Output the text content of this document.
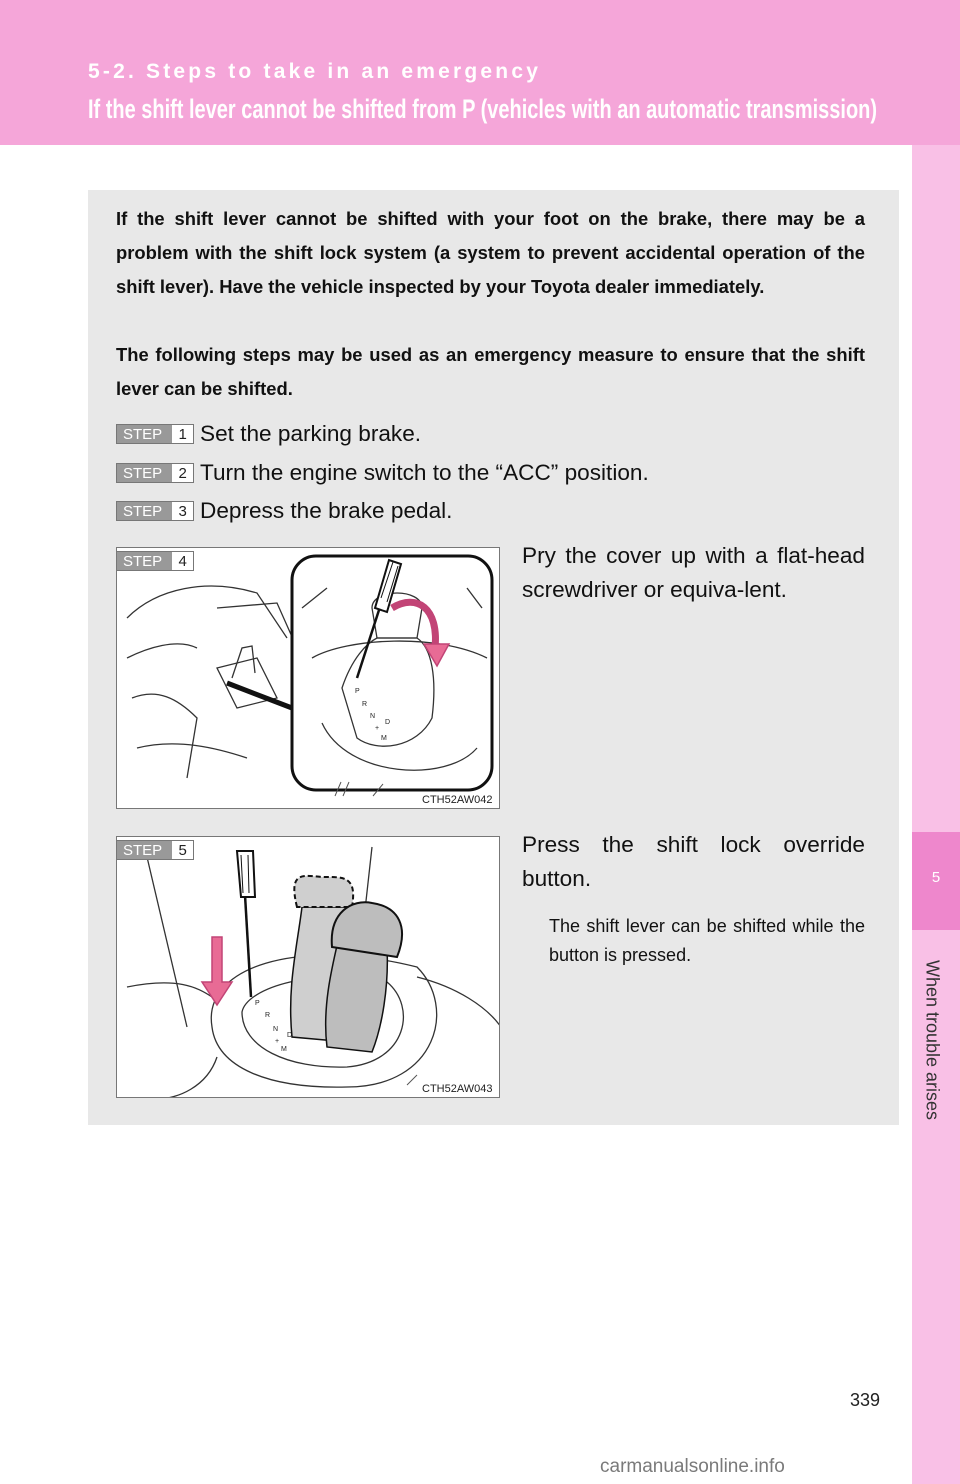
5-2. Steps to take in an emergency
If the shift lever cannot be shifted from P (vehicles with an automatic transmission)
5
When trouble arises
If the shift lever cannot be shifted with your foot on the brake, there may be a problem with the shift lock system (a system to prevent accidental operation of the shift lever). Have the vehicle inspected by your Toyota dealer immediately.
The following steps may be used as an emergency measure to ensure that the shift lever can be shifted.
STEP	1 Set the parking brake.
STEP	2 Turn the engine switch to the “ACC” position.
STEP	3 Depress the brake pedal.
P
R
N
+
D
M
CTH52AW042
STEP	4	Pry the cover up with a flat-head screwdriver or equiva-lent.
P
R
N
+
D
M
CTH52AW043
STEP	5	Press the shift lock override button.
The shift lever can be shifted while the button is pressed.
339
carmanualsonline.info
